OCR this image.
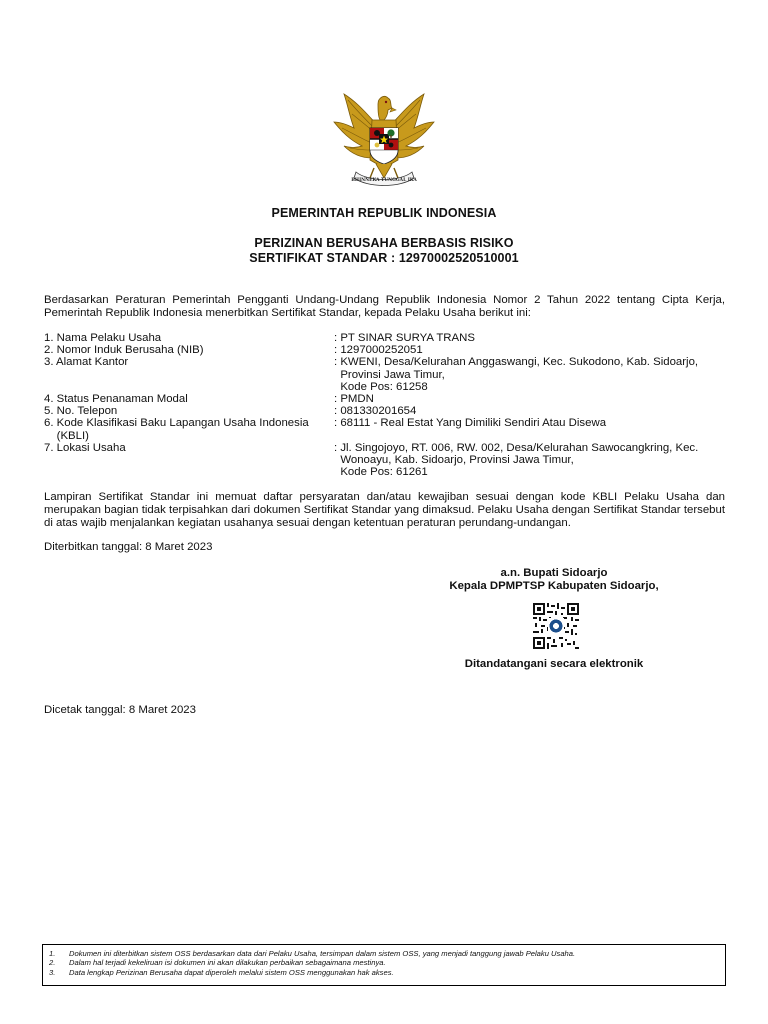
BHINNEKA TUNGGAL IKA
PEMERINTAH REPUBLIK INDONESIA
PERIZINAN BERUSAHA BERBASIS RISIKO
SERTIFIKAT STANDAR : 12970002520510001
Berdasarkan Peraturan Pemerintah Pengganti Undang-Undang Republik Indonesia Nomor 2 Tahun 2022 tentang Cipta Kerja, Pemerintah Republik Indonesia menerbitkan Sertifikat Standar, kepada Pelaku Usaha berikut ini:
1. Nama Pelaku Usaha	: PT SINAR SURYA TRANS
2. Nomor Induk Berusaha (NIB)	: 1297000252051
3. Alamat Kantor	: KWENI, Desa/Kelurahan Anggaswangi, Kec. Sukodono, Kab. Sidoarjo,
Provinsi Jawa Timur,
Kode Pos: 61258
4. Status Penanaman Modal	: PMDN
5. No. Telepon	: 081330201654
6. Kode Klasifikasi Baku Lapangan Usaha Indonesia
(KBLI)
: 68111 - Real Estat Yang Dimiliki Sendiri Atau Disewa
7. Lokasi Usaha	: Jl. Singojoyo, RT. 006, RW. 002, Desa/Kelurahan Sawocangkring, Kec.
Wonoayu, Kab. Sidoarjo, Provinsi Jawa Timur,
Kode Pos: 61261
Lampiran Sertifikat Standar ini memuat daftar persyaratan dan/atau kewajiban sesuai dengan kode KBLI Pelaku Usaha dan merupakan bagian tidak terpisahkan dari dokumen Sertifikat Standar yang dimaksud. Pelaku Usaha dengan Sertifikat Standar tersebut di atas wajib menjalankan kegiatan usahanya sesuai dengan ketentuan peraturan perundang-undangan.
Diterbitkan tanggal: 8 Maret 2023
a.n. Bupati Sidoarjo
Kepala DPMPTSP Kabupaten Sidoarjo,
Ditandatangani secara elektronik
Dicetak tanggal: 8 Maret 2023
1.	Dokumen ini diterbitkan sistem OSS berdasarkan data dari Pelaku Usaha, tersimpan dalam sistem OSS, yang menjadi tanggung jawab Pelaku Usaha.
2.	Dalam hal terjadi kekeliruan isi dokumen ini akan dilakukan perbaikan sebagaimana mestinya.
3.	Data lengkap Perizinan Berusaha dapat diperoleh melalui sistem OSS menggunakan hak akses.
